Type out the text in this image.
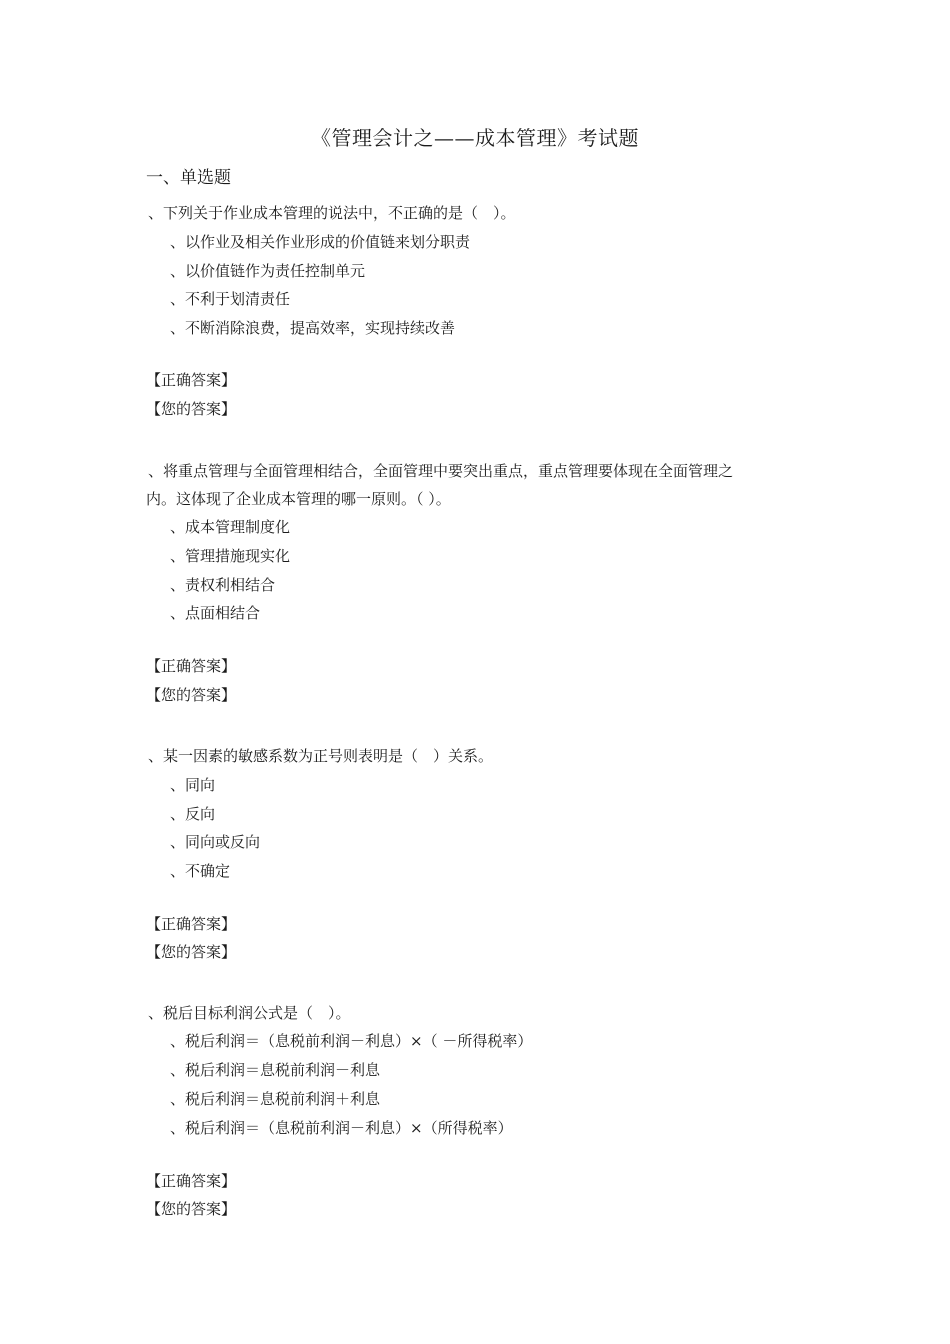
《管理会计之——成本管理》考试题
一、单选题
、下列关于作业成本管理的说法中，不正确的是（　）。
、以作业及相关作业形成的价值链来划分职责
、以价值链作为责任控制单元
、不利于划清责任
、不断消除浪费，提高效率，实现持续改善
【正确答案】
【您的答案】
、将重点管理与全面管理相结合，全面管理中要突出重点，重点管理要体现在全面管理之
内。这体现了企业成本管理的哪一原则。（ ）。
、成本管理制度化
、管理措施现实化
、责权利相结合
、点面相结合
【正确答案】
【您的答案】
、某一因素的敏感系数为正号则表明是（　）关系。
、同向
、反向
、同向或反向
、不确定
【正确答案】
【您的答案】
、税后目标利润公式是（　）。
、税后利润＝（息税前利润－利息）×（ －所得税率）
、税后利润＝息税前利润－利息
、税后利润＝息税前利润＋利息
、税后利润＝（息税前利润－利息）×（所得税率）
【正确答案】
【您的答案】
